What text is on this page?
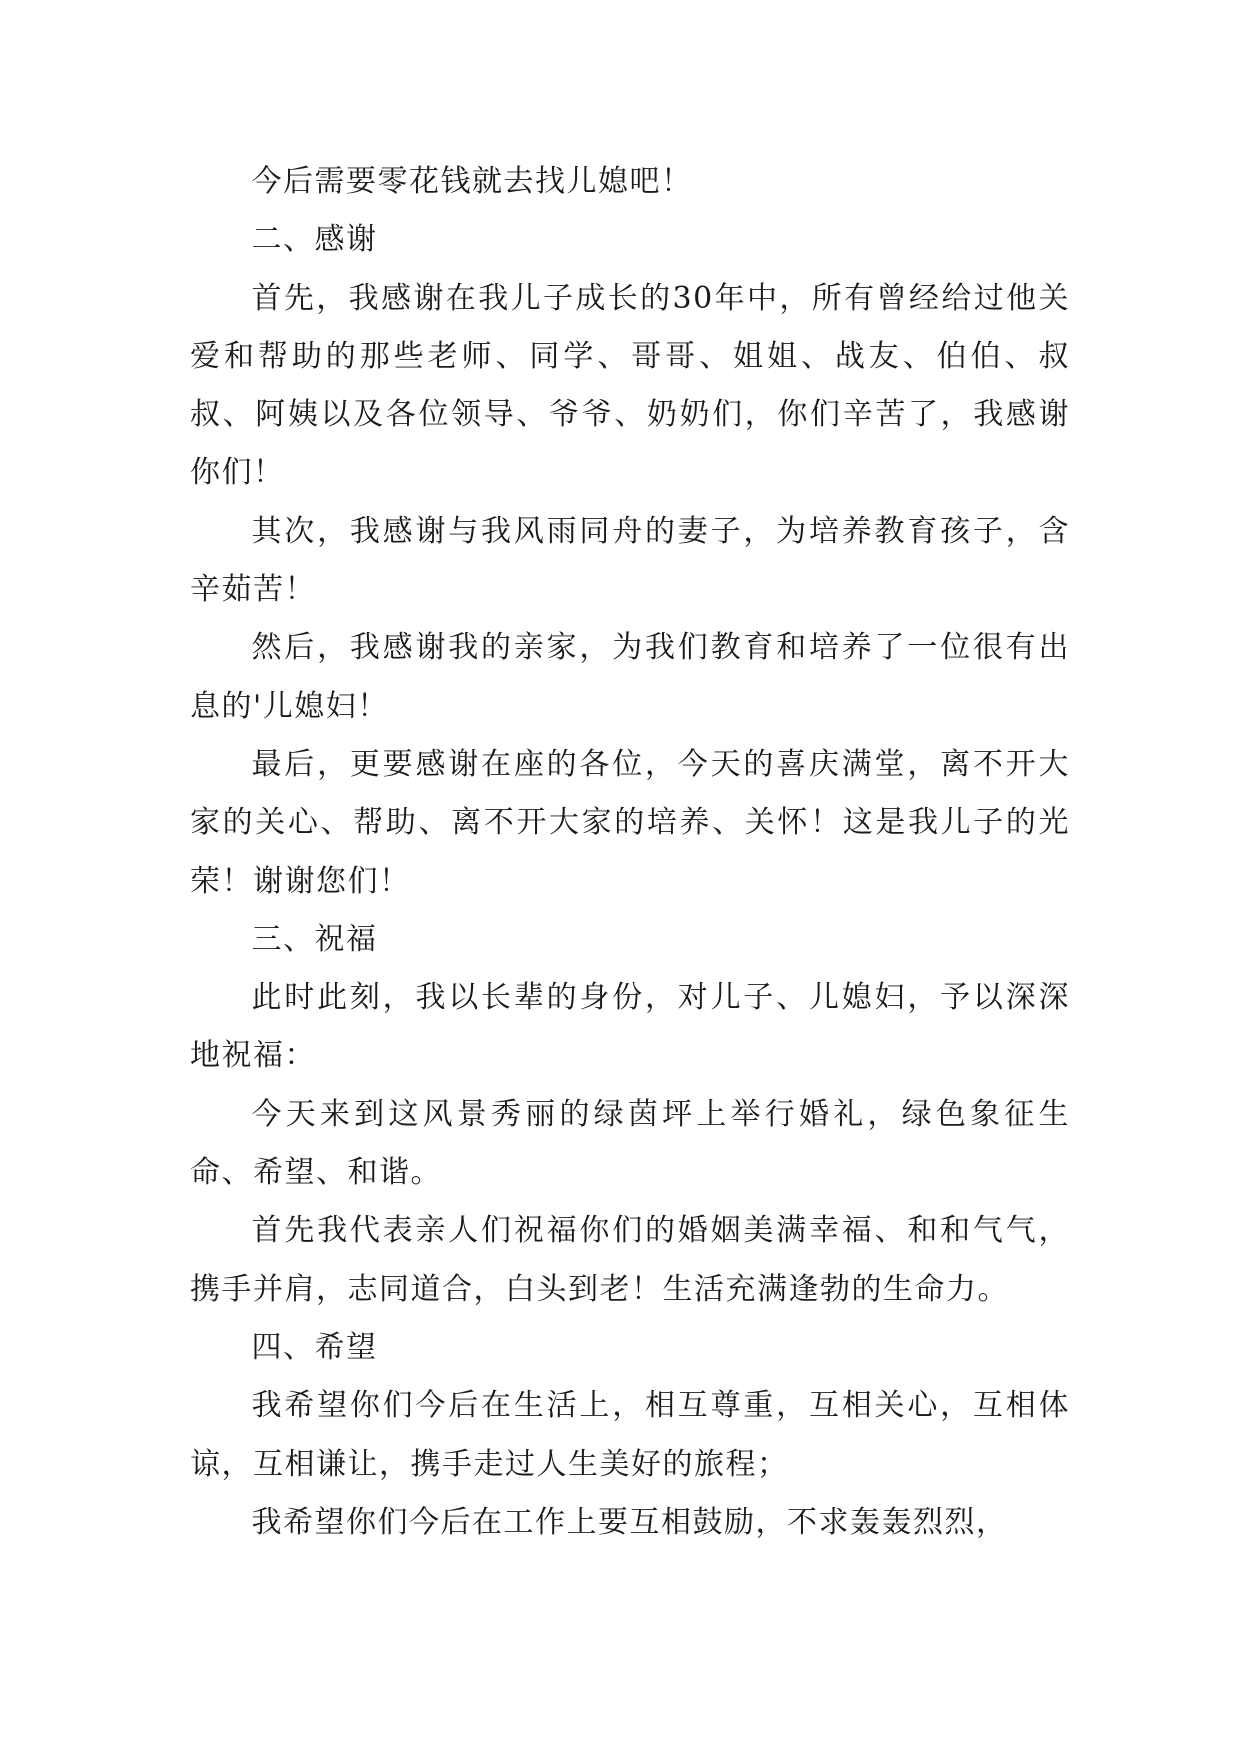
今后需要零花钱就去找儿媳吧！

二、感谢

首先，我感谢在我儿子成长的30年中，所有曾经给过他关爱和帮助的那些老师、同学、哥哥、姐姐、战友、伯伯、叔叔、阿姨以及各位领导、爷爷、奶奶们，你们辛苦了，我感谢你们！

其次，我感谢与我风雨同舟的妻子，为培养教育孩子，含辛茹苦！

然后，我感谢我的亲家，为我们教育和培养了一位很有出息的'儿媳妇！

最后，更要感谢在座的各位，今天的喜庆满堂，离不开大家的关心、帮助、离不开大家的培养、关怀！这是我儿子的光荣！谢谢您们！

三、祝福

此时此刻，我以长辈的身份，对儿子、儿媳妇，予以深深地祝福：

今天来到这风景秀丽的绿茵坪上举行婚礼，绿色象征生命、希望、和谐。

首先我代表亲人们祝福你们的婚姻美满幸福、和和气气，携手并肩，志同道合，白头到老！生活充满逢勃的生命力。

四、希望

我希望你们今后在生活上，相互尊重，互相关心，互相体谅，互相谦让，携手走过人生美好的旅程；

我希望你们今后在工作上要互相鼓励，不求轰轰烈烈，
